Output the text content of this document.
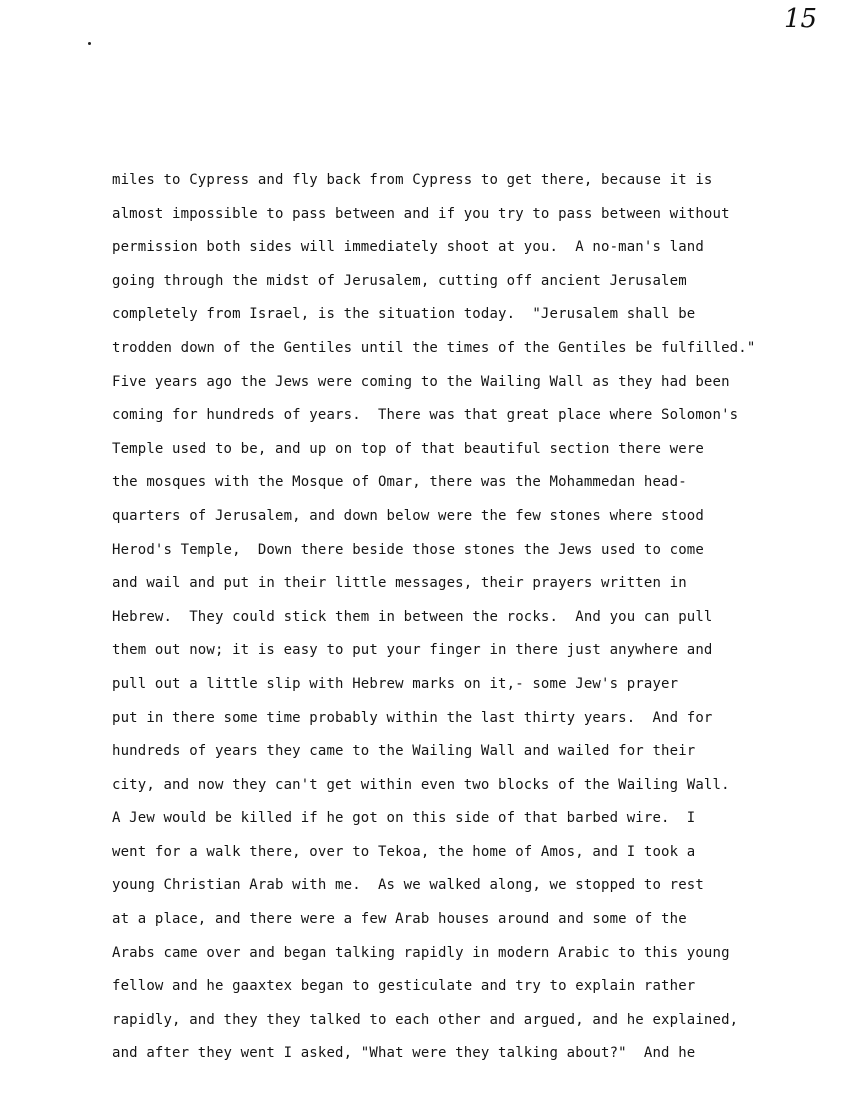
15
miles to Cypress and fly back from Cypress to get there, because it is
almost impossible to pass between and if you try to pass between without
permission both sides will immediately shoot at you.  A no-man's land
going through the midst of Jerusalem, cutting off ancient Jerusalem
completely from Israel, is the situation today.  "Jerusalem shall be
trodden down of the Gentiles until the times of the Gentiles be fulfilled."
Five years ago the Jews were coming to the Wailing Wall as they had been
coming for hundreds of years.  There was that great place where Solomon's
Temple used to be, and up on top of that beautiful section there were
the mosques with the Mosque of Omar, there was the Mohammedan head-
quarters of Jerusalem, and down below were the few stones where stood
Herod's Temple,  Down there beside those stones the Jews used to come
and wail and put in their little messages, their prayers written in
Hebrew.  They could stick them in between the rocks.  And you can pull
them out now; it is easy to put your finger in there just anywhere and
pull out a little slip with Hebrew marks on it,- some Jew's prayer
put in there some time probably within the last thirty years.  And for
hundreds of years they came to the Wailing Wall and wailed for their
city, and now they can't get within even two blocks of the Wailing Wall.
A Jew would be killed if he got on this side of that barbed wire.  I
went for a walk there, over to Tekoa, the home of Amos, and I took a
young Christian Arab with me.  As we walked along, we stopped to rest
at a place, and there were a few Arab houses around and some of the
Arabs came over and began talking rapidly in modern Arabic to this young
fellow and he gaaxtex began to gesticulate and try to explain rather
rapidly, and they they talked to each other and argued, and he explained,
and after they went I asked, "What were they talking about?"  And he
